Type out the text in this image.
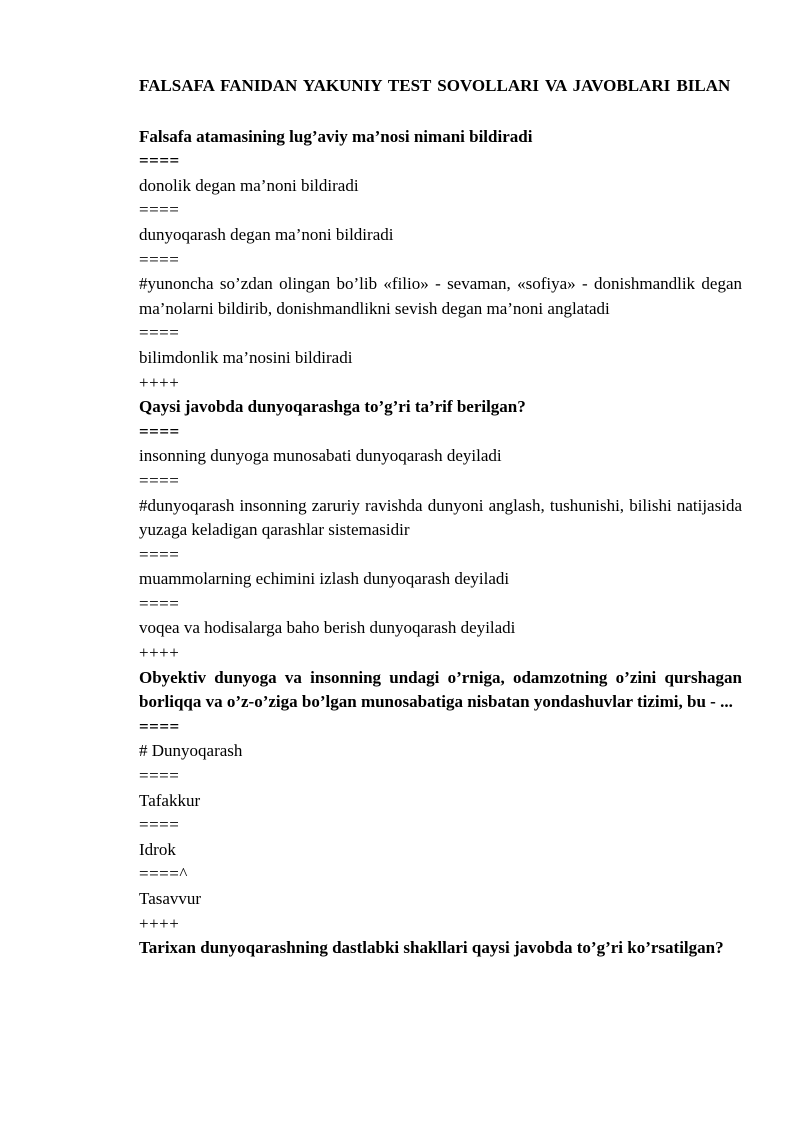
FALSAFA FANIDAN YAKUNIY TEST SOVOLLARI VA JAVOBLARI BILAN

Falsafa atamasining lug’aviy ma’nosi nimani bildiradi

====

donolik degan ma’noni bildiradi

====

dunyoqarash degan ma’noni bildiradi

====

#yunoncha so’zdan olingan bo’lib «filio» - sevaman, «sofiya» - donishmandlik degan ma’nolarni bildirib, donishmandlikni sevish degan ma’noni anglatadi

====

bilimdonlik ma’nosini bildiradi

++++

Qaysi javobda dunyoqarashga to’g’ri ta’rif berilgan?

====

insonning dunyoga munosabati dunyoqarash deyiladi

====

#dunyoqarash insonning zaruriy ravishda dunyoni anglash, tushunishi, bilishi natijasida yuzaga keladigan qarashlar sistemasidir

====

muammolarning echimini izlash dunyoqarash deyiladi

====

voqea va hodisalarga baho berish dunyoqarash deyiladi

++++

Obyektiv dunyoga va insonning undagi o’rniga, odamzotning o’zini qurshagan borliqqa va o’z-o’ziga bo’lgan munosabatiga nisbatan yondashuvlar tizimi, bu - ...

====

# Dunyoqarash

====

Tafakkur

====

Idrok

====^

Tasavvur

++++

Tarixan dunyoqarashning dastlabki shakllari qaysi javobda to’g’ri ko’rsatilgan?
